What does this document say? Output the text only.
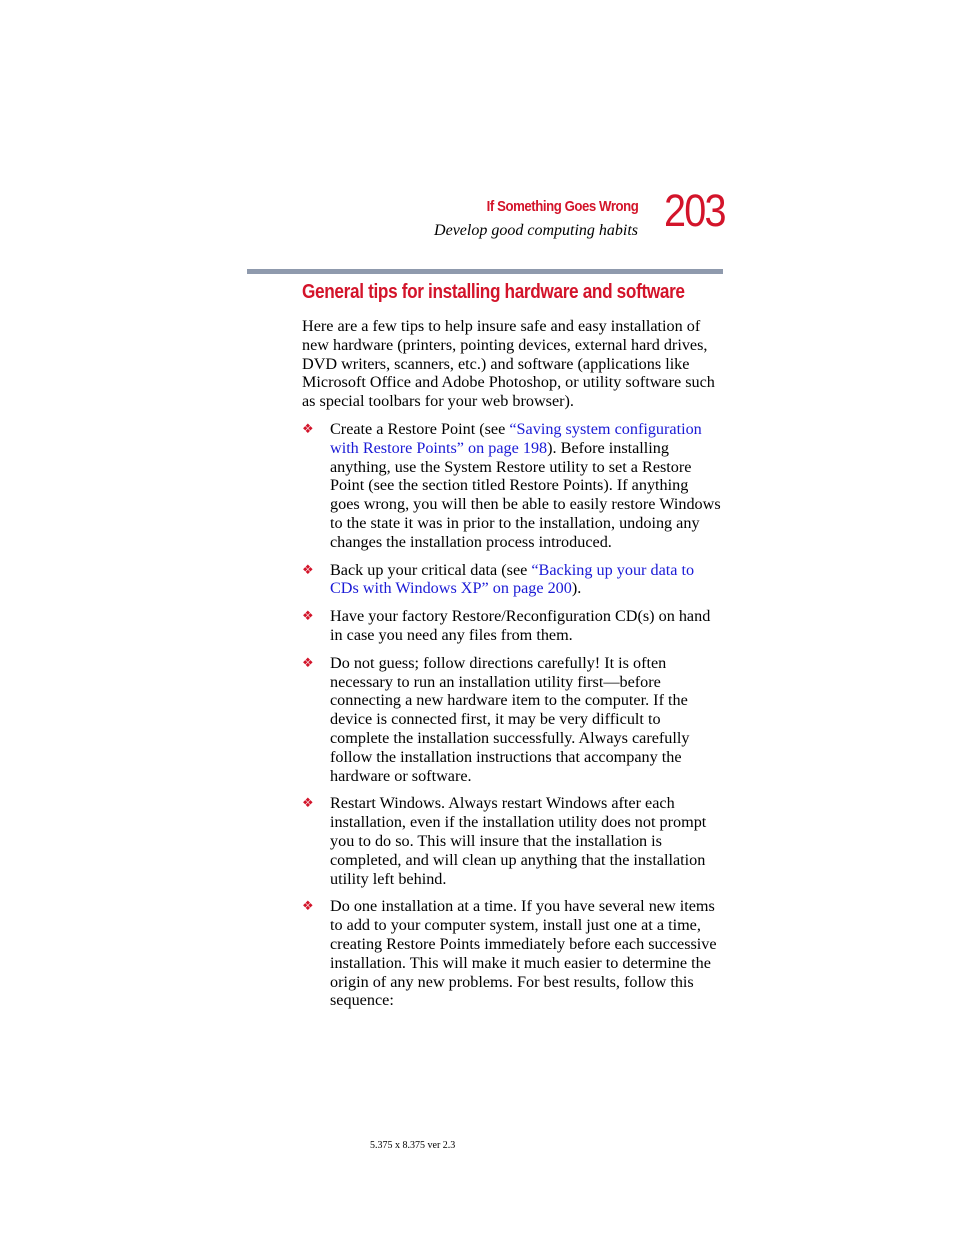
If Something Goes Wrong
Develop good computing habits 203
General tips for installing hardware and software

Here are a few tips to help insure safe and easy installation of new hardware (printers, pointing devices, external hard drives, DVD writers, scanners, etc.) and software (applications like Microsoft Office and Adobe Photoshop, or utility software such as special toolbars for your web browser).

❖ Create a Restore Point (see “Saving system configuration with Restore Points” on page 198). Before installing anything, use the System Restore utility to set a Restore Point (see the section titled Restore Points). If anything goes wrong, you will then be able to easily restore Windows to the state it was in prior to the installation, undoing any changes the installation process introduced.
❖ Back up your critical data (see “Backing up your data to CDs with Windows XP” on page 200).
❖ Have your factory Restore/Reconfiguration CD(s) on hand in case you need any files from them.
❖ Do not guess; follow directions carefully! It is often necessary to run an installation utility first—before connecting a new hardware item to the computer. If the device is connected first, it may be very difficult to complete the installation successfully. Always carefully follow the installation instructions that accompany the hardware or software.
❖ Restart Windows. Always restart Windows after each installation, even if the installation utility does not prompt you to do so. This will insure that the installation is completed, and will clean up anything that the installation utility left behind.
❖ Do one installation at a time. If you have several new items to add to your computer system, install just one at a time, creating Restore Points immediately before each successive installation. This will make it much easier to determine the origin of any new problems. For best results, follow this sequence:
5.375 x 8.375 ver 2.3
